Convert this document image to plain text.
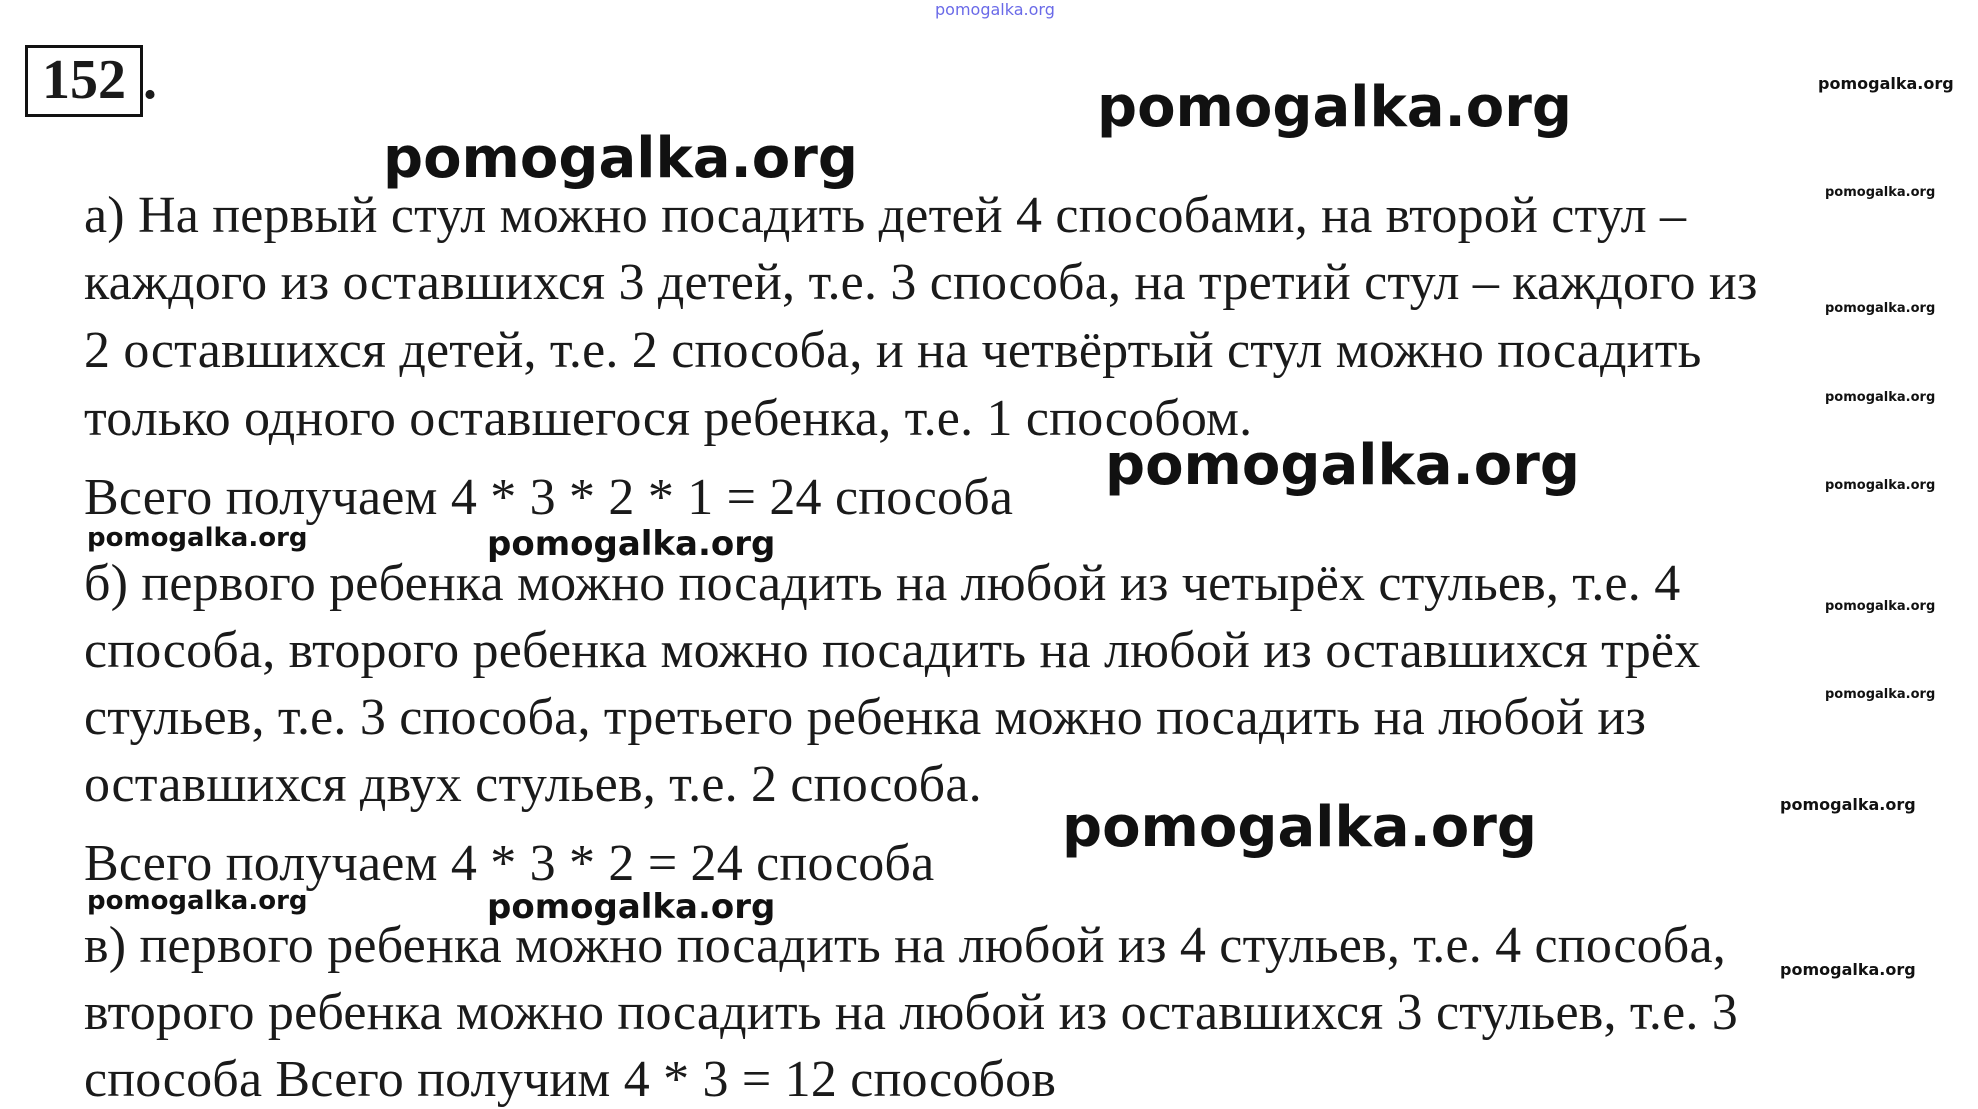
pomogalka.org
152 .	pomogalka.org
pomogalka.org
pomogalka.org
а) На первый стул можно посадить детей 4 способами, на второй стул –	pomogalka.org
каждого из оставшихся 3 детей, т.е. 3 способа, на третий стул – каждого из	pomogalka.org
2 оставшихся детей, т.е. 2 способа, и на четвёртый стул можно посадить
pomogalka.org
только одного оставшегося ребенка, т.е. 1 способом.
pomogalka.org	pomogalka.org
Всего получаем 4 * 3 * 2 * 1 = 24 способа
pomogalka.org	pomogalka.org
б) первого ребенка можно посадить на любой из четырёх стульев, т.е. 4	pomogalka.org
способа, второго ребенка можно посадить на любой из оставшихся трёх
pomogalka.org
стульев, т.е. 3 способа, третьего ребенка можно посадить на любой из
оставшихся двух стульев, т.е. 2 способа.	pomogalka.org
pomogalka.org
Всего получаем 4 * 3 * 2 = 24 способа
pomogalka.org	pomogalka.org
в) первого ребенка можно посадить на любой из 4 стульев, т.е. 4 способа,	pomogalka.org
второго ребенка можно посадить на любой из оставшихся 3 стульев, т.е. 3
способа Всего получим 4 * 3 = 12 способов
